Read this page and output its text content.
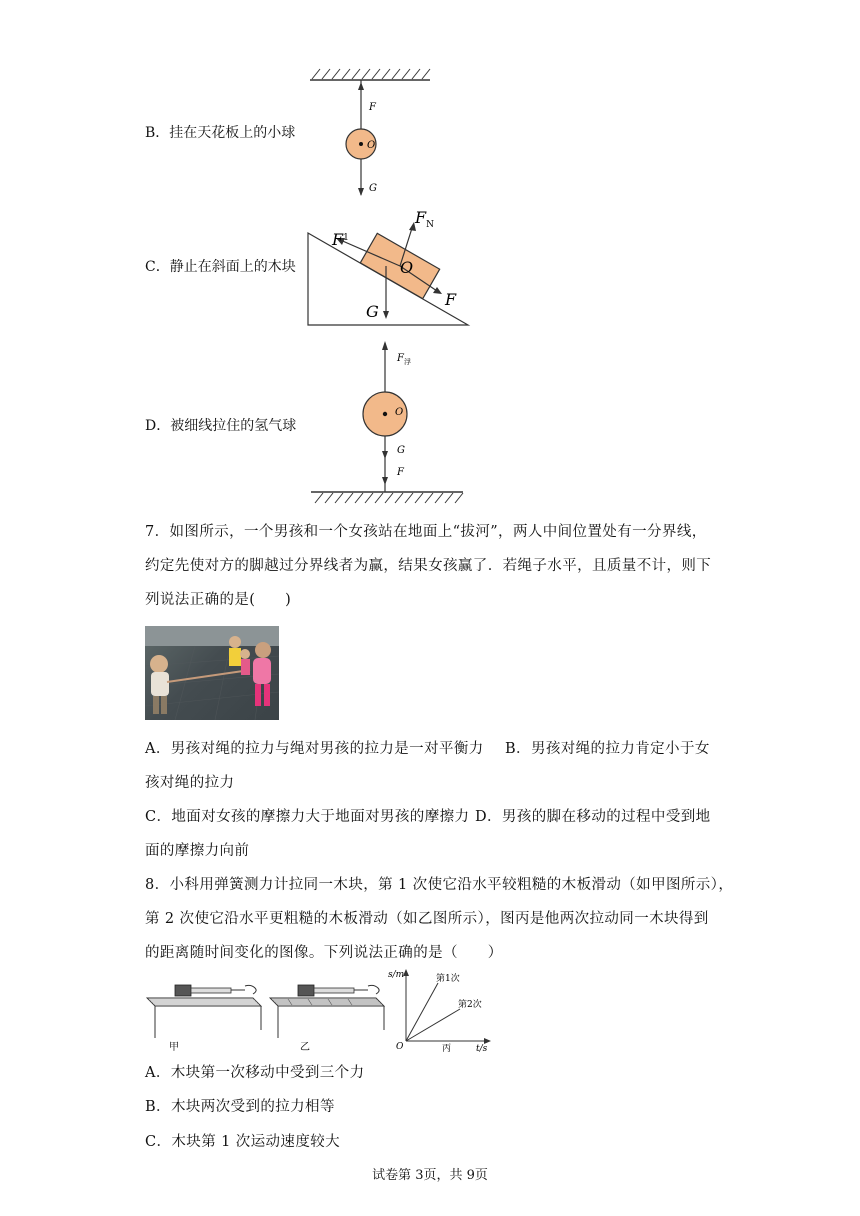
F
O
G
B．挂在天花板上的小球
$F_N$
$F^1$
O
F
G
C．静止在斜面上的木块
$F_浮$
O
G
F
D．被细线拉住的氢气球
7．如图所示，一个男孩和一个女孩站在地面上“拔河”，两人中间位置处有一分界线，
约定先使对方的脚越过分界线者为赢，结果女孩赢了．若绳子水平，且质量不计，则下
列说法正确的是(　　)
A．男孩对绳的拉力与绳对男孩的拉力是一对平衡力 B．男孩对绳的拉力肯定小于女
孩对绳的拉力
C．地面对女孩的摩擦力大于地面对男孩的摩擦力 D．男孩的脚在移动的过程中受到地
面的摩擦力向前
8．小科用弹簧测力计拉同一木块，第 1 次使它沿水平较粗糙的木板滑动（如甲图所示），
第 2 次使它沿水平更粗糙的木板滑动（如乙图所示），图丙是他两次拉动同一木块得到
的距离随时间变化的图像。下列说法正确的是（　　）
甲	乙
s/m
t/s
O
第1次
第2次
丙
A．木块第一次移动中受到三个力
B．木块两次受到的拉力相等
C．木块第 1 次运动速度较大
试卷第 3页，共 9页
